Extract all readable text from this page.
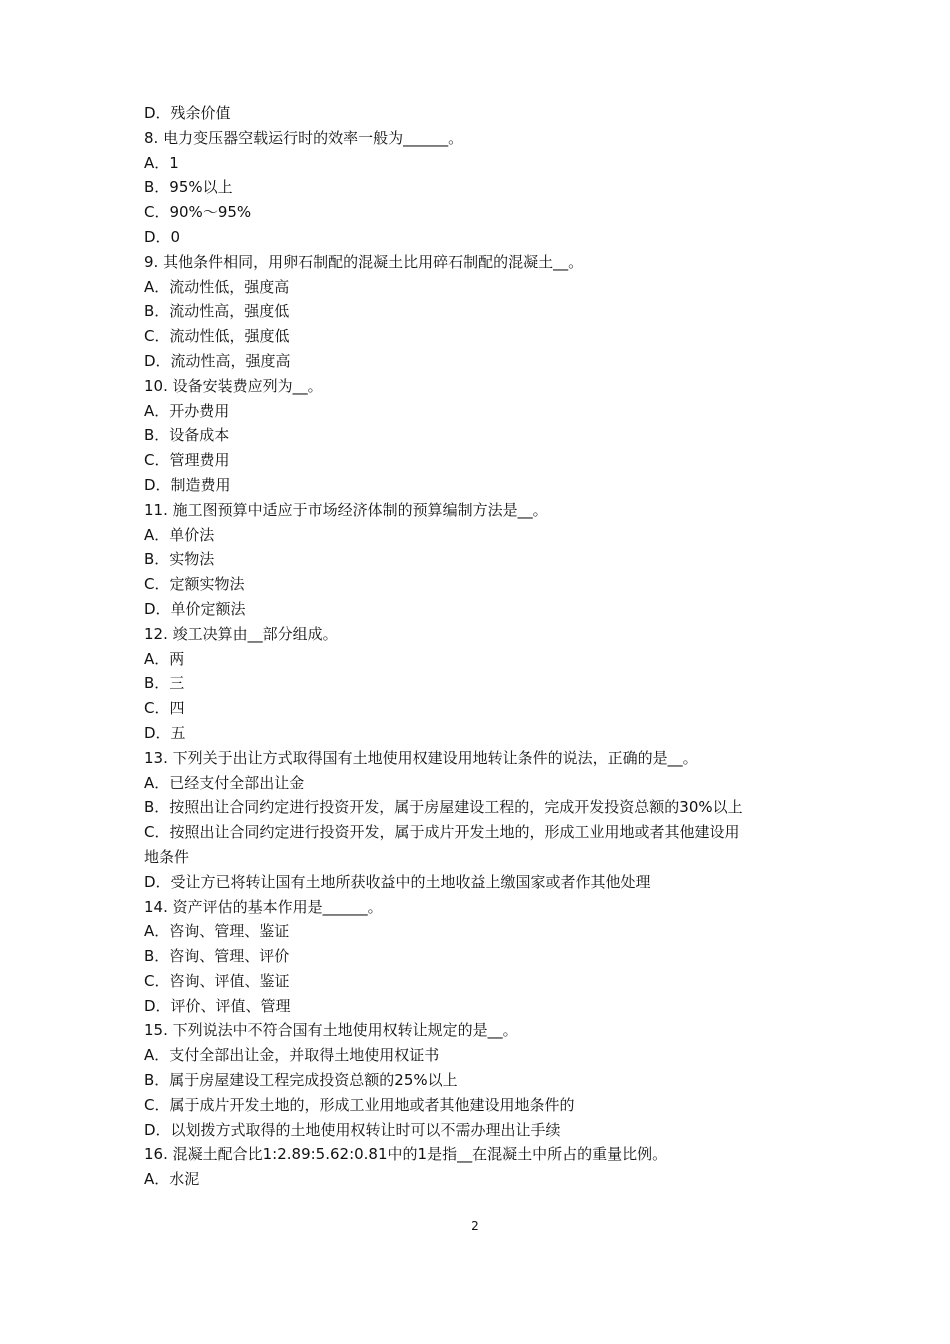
D．残余价值
8. 电力变压器空载运行时的效率一般为______。
A．1
B．95%以上
C．90%～95%
D．0
9. 其他条件相同，用卵石制配的混凝土比用碎石制配的混凝土__。
A．流动性低，强度高
B．流动性高，强度低
C．流动性低，强度低
D．流动性高，强度高
10. 设备安装费应列为__。
A．开办费用
B．设备成本
C．管理费用
D．制造费用
11. 施工图预算中适应于市场经济体制的预算编制方法是__。
A．单价法
B．实物法
C．定额实物法
D．单价定额法
12. 竣工决算由__部分组成。
A．两
B．三
C．四
D．五
13. 下列关于出让方式取得国有土地使用权建设用地转让条件的说法，正确的是__。
A．已经支付全部出让金
B．按照出让合同约定进行投资开发，属于房屋建设工程的，完成开发投资总额的30%以上
C．按照出让合同约定进行投资开发，属于成片开发土地的，形成工业用地或者其他建设用
地条件
D．受让方已将转让国有土地所获收益中的土地收益上缴国家或者作其他处理
14. 资产评估的基本作用是______。
A．咨询、管理、鉴证
B．咨询、管理、评价
C．咨询、评值、鉴证
D．评价、评值、管理
15. 下列说法中不符合国有土地使用权转让规定的是__。
A．支付全部出让金，并取得土地使用权证书
B．属于房屋建设工程完成投资总额的25%以上
C．属于成片开发土地的，形成工业用地或者其他建设用地条件的
D．以划拨方式取得的土地使用权转让时可以不需办理出让手续
16. 混凝土配合比1:2.89:5.62:0.81中的1是指__在混凝土中所占的重量比例。
A．水泥
2
